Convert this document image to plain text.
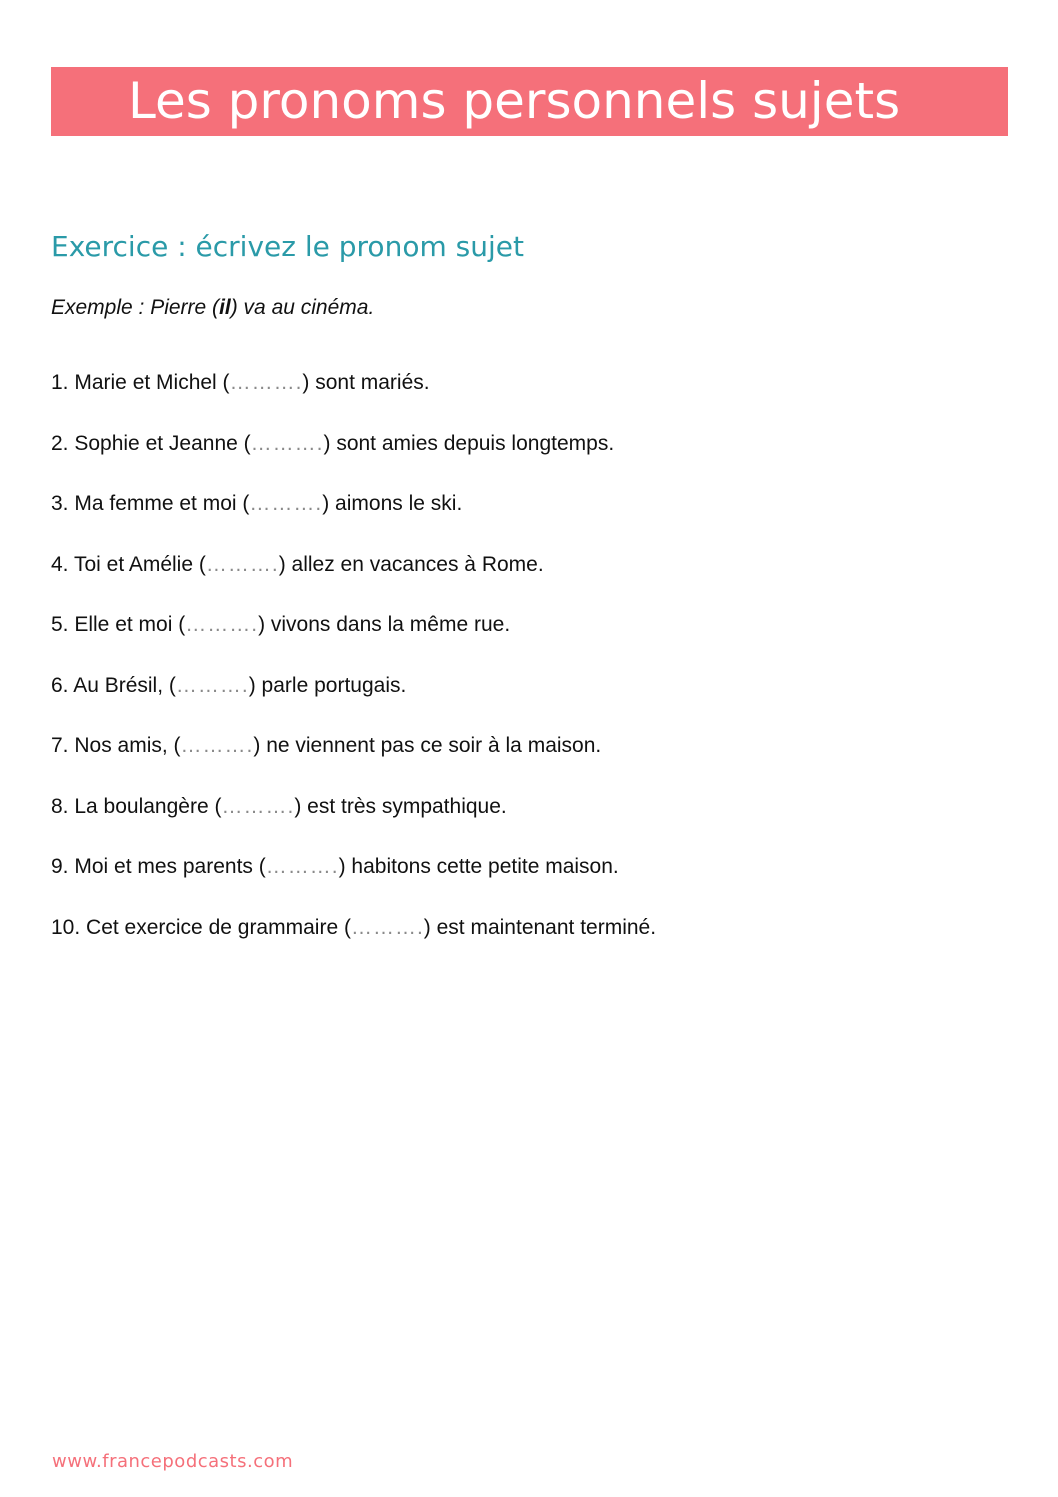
Les pronoms personnels sujets
Exercice : écrivez le pronom sujet
Exemple : Pierre (il) va au cinéma.
1. Marie et Michel (……….) sont mariés.
2. Sophie et Jeanne (……….) sont amies depuis longtemps.
3. Ma femme et moi (……….) aimons le ski.
4. Toi et Amélie (……….) allez en vacances à Rome.
5. Elle et moi (……….) vivons dans la même rue.
6. Au Brésil, (……….) parle portugais.
7. Nos amis, (……….) ne viennent pas ce soir à la maison.
8. La boulangère (……….) est très sympathique.
9. Moi et mes parents (……….) habitons cette petite maison.
10. Cet exercice de grammaire (……….) est maintenant terminé.
www.francepodcasts.com
